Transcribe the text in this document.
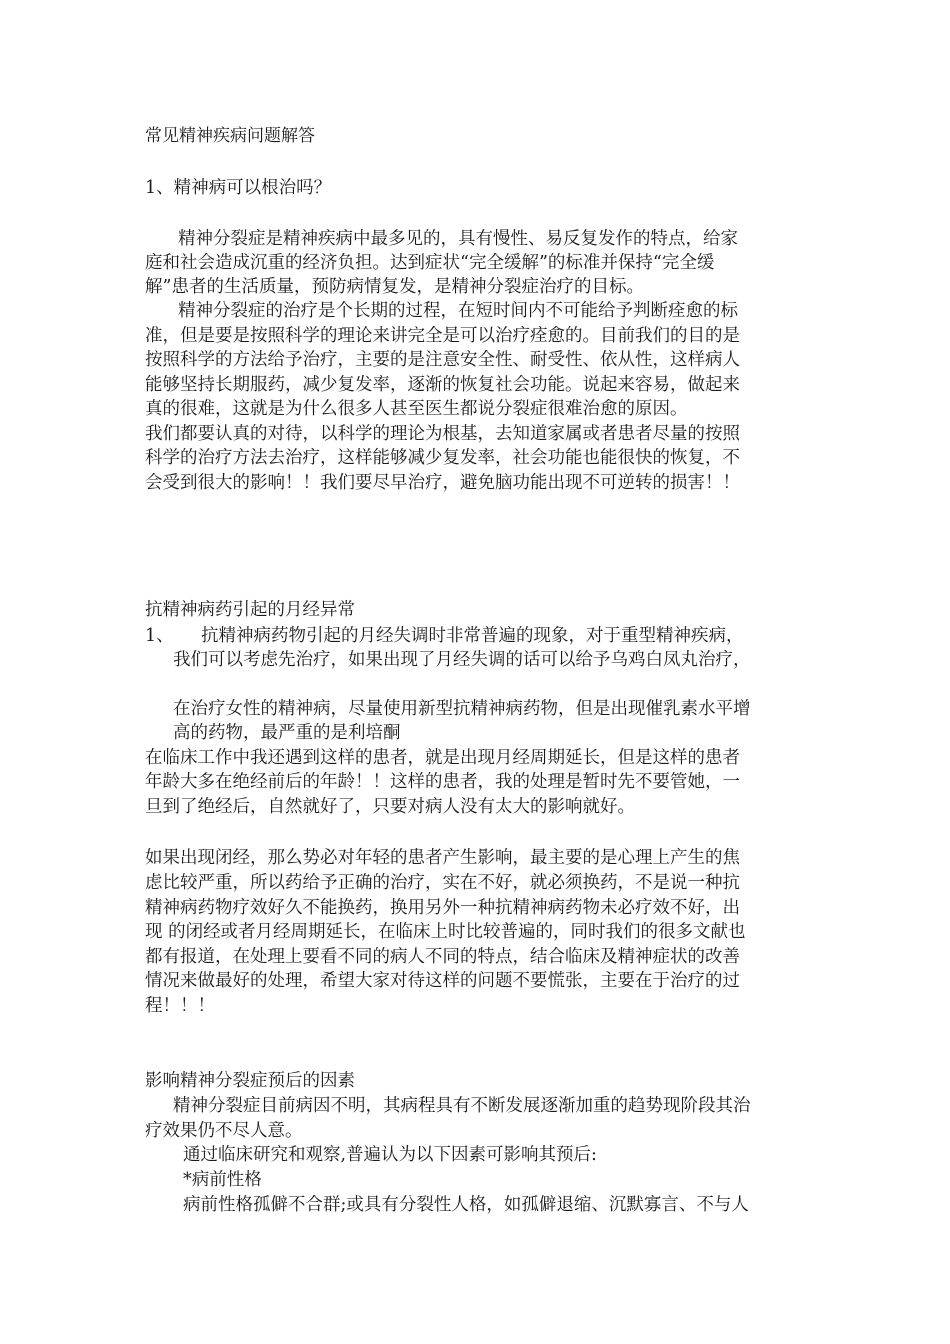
常见精神疾病问题解答
1、精神病可以根治吗？
精神分裂症是精神疾病中最多见的，具有慢性、易反复发作的特点，给家
庭和社会造成沉重的经济负担。达到症状“完全缓解”的标准并保持“完全缓
解”患者的生活质量，预防病情复发，是精神分裂症治疗的目标。
精神分裂症的治疗是个长期的过程，在短时间内不可能给予判断痊愈的标
准，但是要是按照科学的理论来讲完全是可以治疗痊愈的。目前我们的目的是
按照科学的方法给予治疗，主要的是注意安全性、耐受性、依从性，这样病人
能够坚持长期服药，减少复发率，逐渐的恢复社会功能。说起来容易，做起来
真的很难，这就是为什么很多人甚至医生都说分裂症很难治愈的原因。
我们都要认真的对待，以科学的理论为根基，去知道家属或者患者尽量的按照
科学的治疗方法去治疗，这样能够减少复发率，社会功能也能很快的恢复，不
会受到很大的影响！！我们要尽早治疗，避免脑功能出现不可逆转的损害！！
抗精神病药引起的月经异常
1、 抗精神病药物引起的月经失调时非常普遍的现象，对于重型精神疾病，
我们可以考虑先治疗，如果出现了月经失调的话可以给予乌鸡白凤丸治疗，
在治疗女性的精神病，尽量使用新型抗精神病药物，但是出现催乳素水平增
高的药物，最严重的是利培酮
在临床工作中我还遇到这样的患者，就是出现月经周期延长，但是这样的患者
年龄大多在绝经前后的年龄！！这样的患者，我的处理是暂时先不要管她，一
旦到了绝经后，自然就好了，只要对病人没有太大的影响就好。
如果出现闭经，那么势必对年轻的患者产生影响，最主要的是心理上产生的焦
虑比较严重，所以药给予正确的治疗，实在不好，就必须换药，不是说一种抗
精神病药物疗效好久不能换药，换用另外一种抗精神病药物未必疗效不好，出
现 的闭经或者月经周期延长，在临床上时比较普遍的，同时我们的很多文献也
都有报道，在处理上要看不同的病人不同的特点，结合临床及精神症状的改善
情况来做最好的处理，希望大家对待这样的问题不要慌张，主要在于治疗的过
程！！！
影响精神分裂症预后的因素
精神分裂症目前病因不明，其病程具有不断发展逐渐加重的趋势现阶段其治
疗效果仍不尽人意。
通过临床研究和观察,普遍认为以下因素可影响其预后:
*病前性格
病前性格孤僻不合群;或具有分裂性人格，如孤僻退缩、沉默寡言、不与人
